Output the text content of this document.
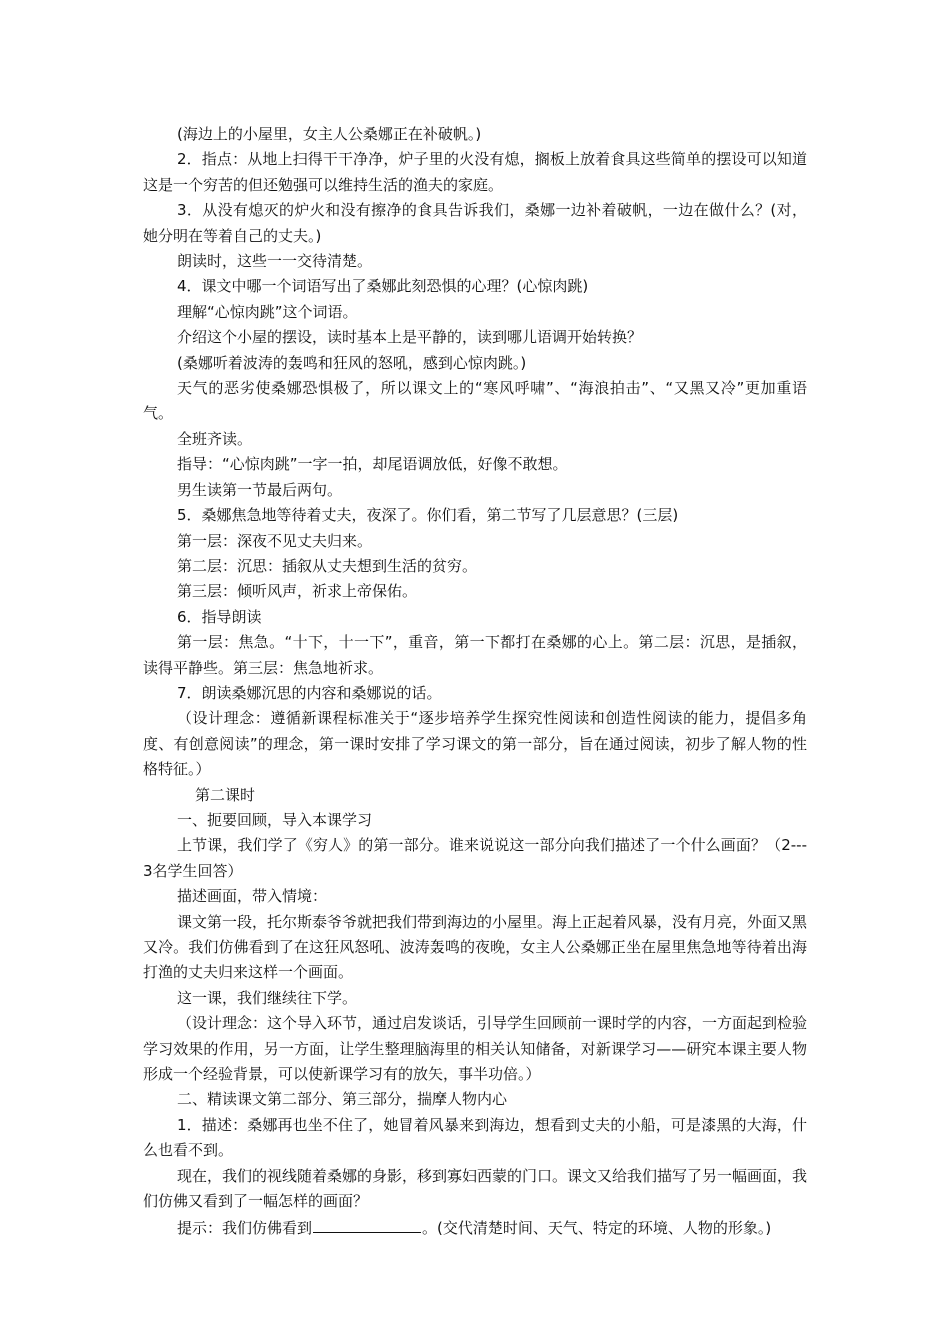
(海边上的小屋里，女主人公桑娜正在补破帆。)

2．指点：从地上扫得干干净净，炉子里的火没有熄，搁板上放着食具这些简单的摆设可以知道这是一个穷苦的但还勉强可以维持生活的渔夫的家庭。

3．从没有熄灭的炉火和没有擦净的食具告诉我们，桑娜一边补着破帆，一边在做什么？(对，她分明在等着自己的丈夫。)

朗读时，这些一一交待清楚。

4．课文中哪一个词语写出了桑娜此刻恐惧的心理？(心惊肉跳)

理解“心惊肉跳”这个词语。

介绍这个小屋的摆设，读时基本上是平静的，读到哪儿语调开始转换？

(桑娜听着波涛的轰鸣和狂风的怒吼，感到心惊肉跳。)

天气的恶劣使桑娜恐惧极了，所以课文上的“寒风呼啸”、“海浪拍击”、“又黑又冷”更加重语气。

全班齐读。

指导：“心惊肉跳”一字一拍，却尾语调放低，好像不敢想。

男生读第一节最后两句。

5．桑娜焦急地等待着丈夫，夜深了。你们看，第二节写了几层意思？(三层)

第一层：深夜不见丈夫归来。

第二层：沉思：插叙从丈夫想到生活的贫穷。

第三层：倾听风声，祈求上帝保佑。

6．指导朗读

第一层：焦急。“十下，十一下”，重音，第一下都打在桑娜的心上。第二层：沉思，是插叙，读得平静些。第三层：焦急地祈求。

7．朗读桑娜沉思的内容和桑娜说的话。

（设计理念：遵循新课程标准关于“逐步培养学生探究性阅读和创造性阅读的能力，提倡多角度、有创意阅读”的理念，第一课时安排了学习课文的第一部分，旨在通过阅读，初步了解人物的性格特征。）

第二课时

一、扼要回顾，导入本课学习

上节课，我们学了《穷人》的第一部分。谁来说说这一部分向我们描述了一个什么画面？（2---3名学生回答）

描述画面，带入情境：

课文第一段，托尔斯泰爷爷就把我们带到海边的小屋里。海上正起着风暴，没有月亮，外面又黑又冷。我们仿佛看到了在这狂风怒吼、波涛轰鸣的夜晚，女主人公桑娜正坐在屋里焦急地等待着出海打渔的丈夫归来这样一个画面。

这一课，我们继续往下学。

（设计理念：这个导入环节，通过启发谈话，引导学生回顾前一课时学的内容，一方面起到检验学习效果的作用，另一方面，让学生整理脑海里的相关认知储备，对新课学习——研究本课主要人物形成一个经验背景，可以使新课学习有的放矢，事半功倍。）

二、精读课文第二部分、第三部分，揣摩人物内心

1．描述：桑娜再也坐不住了，她冒着风暴来到海边，想看到丈夫的小船，可是漆黑的大海，什么也看不到。

现在，我们的视线随着桑娜的身影，移到寡妇西蒙的门口。课文又给我们描写了另一幅画面，我们仿佛又看到了一幅怎样的画面？

提示：我们仿佛看到	。(交代清楚时间、天气、特定的环境、人物的形象。)
